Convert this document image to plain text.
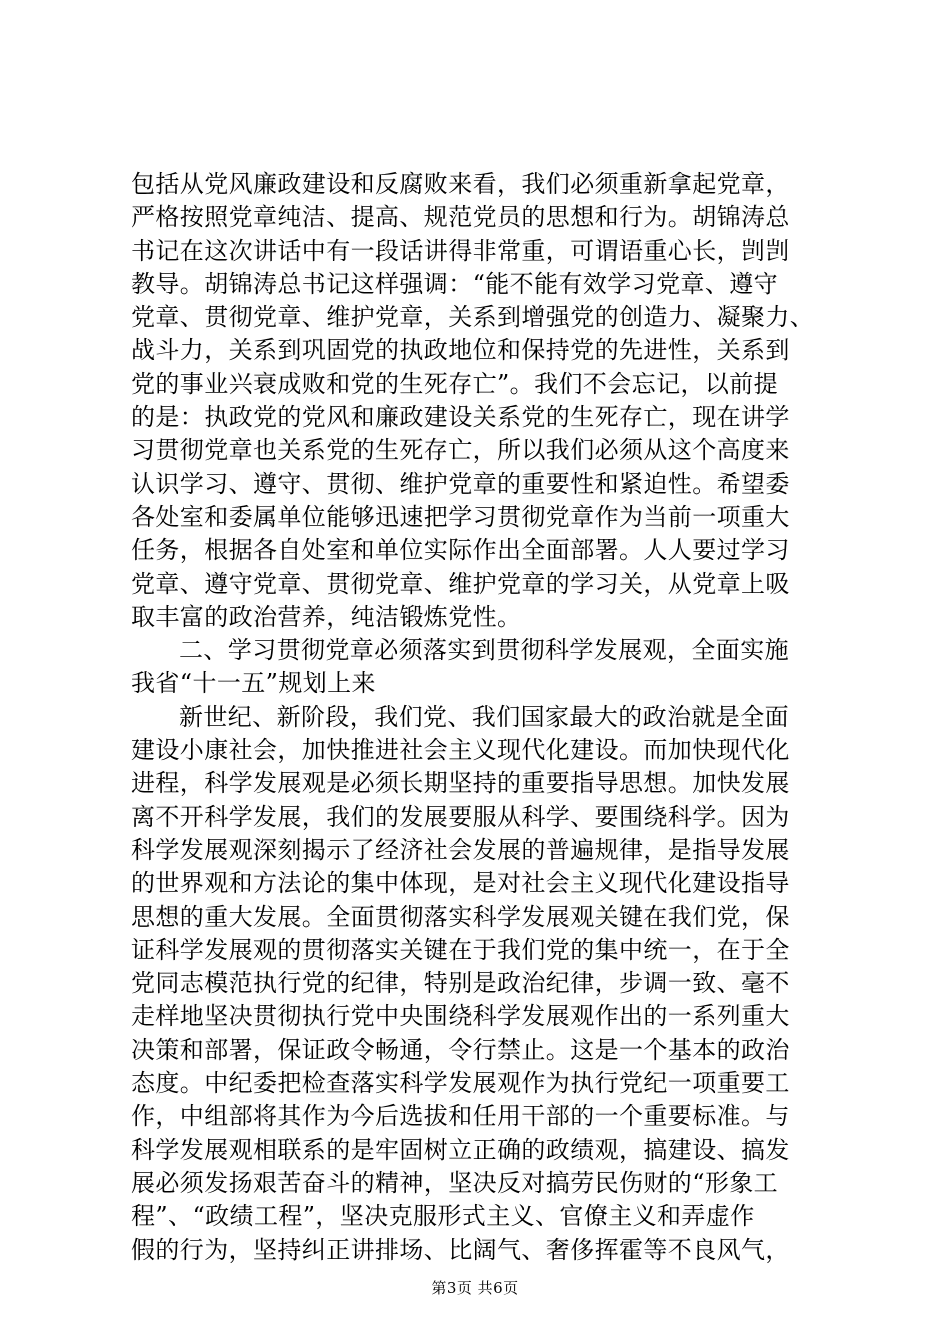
包括从党风廉政建设和反腐败来看，我们必须重新拿起党章，
严格按照党章纯洁、提高、规范党员的思想和行为。胡锦涛总
书记在这次讲话中有一段话讲得非常重，可谓语重心长，剀剀
教导。胡锦涛总书记这样强调：“能不能有效学习党章、遵守
党章、贯彻党章、维护党章，关系到增强党的创造力、凝聚力、
战斗力，关系到巩固党的执政地位和保持党的先进性，关系到
党的事业兴衰成败和党的生死存亡”。我们不会忘记，以前提
的是：执政党的党风和廉政建设关系党的生死存亡，现在讲学
习贯彻党章也关系党的生死存亡，所以我们必须从这个高度来
认识学习、遵守、贯彻、维护党章的重要性和紧迫性。希望委
各处室和委属单位能够迅速把学习贯彻党章作为当前一项重大
任务，根据各自处室和单位实际作出全面部署。人人要过学习
党章、遵守党章、贯彻党章、维护党章的学习关，从党章上吸
取丰富的政治营养，纯洁锻炼党性。
二、学习贯彻党章必须落实到贯彻科学发展观，全面实施
我省“十一五”规划上来
新世纪、新阶段，我们党、我们国家最大的政治就是全面
建设小康社会，加快推进社会主义现代化建设。而加快现代化
进程，科学发展观是必须长期坚持的重要指导思想。加快发展
离不开科学发展，我们的发展要服从科学、要围绕科学。因为
科学发展观深刻揭示了经济社会发展的普遍规律，是指导发展
的世界观和方法论的集中体现，是对社会主义现代化建设指导
思想的重大发展。全面贯彻落实科学发展观关键在我们党，保
证科学发展观的贯彻落实关键在于我们党的集中统一，在于全
党同志模范执行党的纪律，特别是政治纪律，步调一致、毫不
走样地坚决贯彻执行党中央围绕科学发展观作出的一系列重大
决策和部署，保证政令畅通，令行禁止。这是一个基本的政治
态度。中纪委把检查落实科学发展观作为执行党纪一项重要工
作，中组部将其作为今后选拔和任用干部的一个重要标准。与
科学发展观相联系的是牢固树立正确的政绩观，搞建设、搞发
展必须发扬艰苦奋斗的精神，坚决反对搞劳民伤财的“形象工
程”、“政绩工程”，坚决克服形式主义、官僚主义和弄虚作
假的行为，坚持纠正讲排场、比阔气、奢侈挥霍等不良风气，
第3页 共6页
